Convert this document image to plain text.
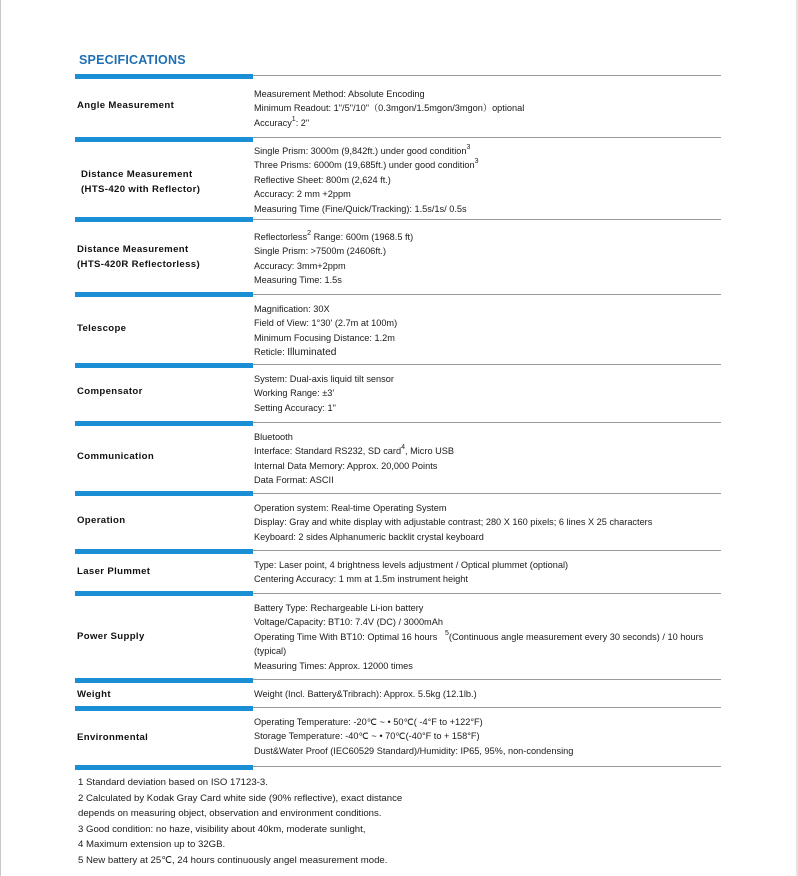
SPECIFICATIONS
Angle Measurement
Measurement Method: Absolute Encoding
Minimum Readout: 1"/5"/10"（0.3mgon/1.5mgon/3mgon）optional
Accuracy$^1$: 2"
Distance Measurement
(HTS-420 with Reflector)
Single Prism: 3000m (9,842ft.) under good condition$^3$
Three Prisms: 6000m (19,685ft.) under good condition$^3$
Reflective Sheet: 800m (2,624 ft.)
Accuracy: 2 mm +2ppm
Measuring Time (Fine/Quick/Tracking): 1.5s/1s/ 0.5s
Distance Measurement
(HTS-420R Reflectorless)
Reflectorless$^2$ Range: 600m (1968.5 ft)
Single Prism: >7500m (24606ft.)
Accuracy: 3mm+2ppm
Measuring Time: 1.5s
Telescope
Magnification: 30X
Field of View: 1°30' (2.7m at 100m)
Minimum Focusing Distance: 1.2m
Reticle: Illuminated
Compensator
System: Dual-axis liquid tilt sensor
Working Range: ±3'
Setting Accuracy: 1"
Communication
Bluetooth
Interface: Standard RS232, SD card$^4$, Micro USB
Internal Data Memory: Approx. 20,000 Points
Data Format: ASCII
Operation
Operation system: Real-time Operating System
Display: Gray and white display with adjustable contrast; 280 X 160 pixels; 6 lines X 25 characters
Keyboard: 2 sides Alphanumeric backlit crystal keyboard
Laser Plummet
Type: Laser point, 4 brightness levels adjustment / Optical plummet (optional)
Centering Accuracy: 1 mm at 1.5m instrument height
Power Supply
Battery Type: Rechargeable Li-ion battery
Voltage/Capacity: BT10: 7.4V (DC) / 3000mAh
Operating Time With BT10: Optimal 16 hours $^5$(Continuous angle measurement every 30 seconds) / 10 hours (typical)
Measuring Times: Approx. 12000 times
Weight	Weight (Incl. Battery&Tribrach): Approx. 5.5kg (12.1lb.)
Environmental
Operating Temperature: -20℃ ~ • 50℃( -4°F to +122°F)
Storage Temperature: -40℃ ~ • 70℃(-40°F to + 158°F)
Dust&Water Proof (IEC60529 Standard)/Humidity: IP65, 95%, non-condensing
1 Standard deviation based on ISO 17123-3.
2 Calculated by Kodak Gray Card white side (90% reflective), exact distance
depends on measuring object, observation and environment conditions.
3 Good condition: no haze, visibility about 40km, moderate sunlight,
4 Maximum extension up to 32GB.
5 New battery at 25℃, 24 hours continuously angel measurement mode.
